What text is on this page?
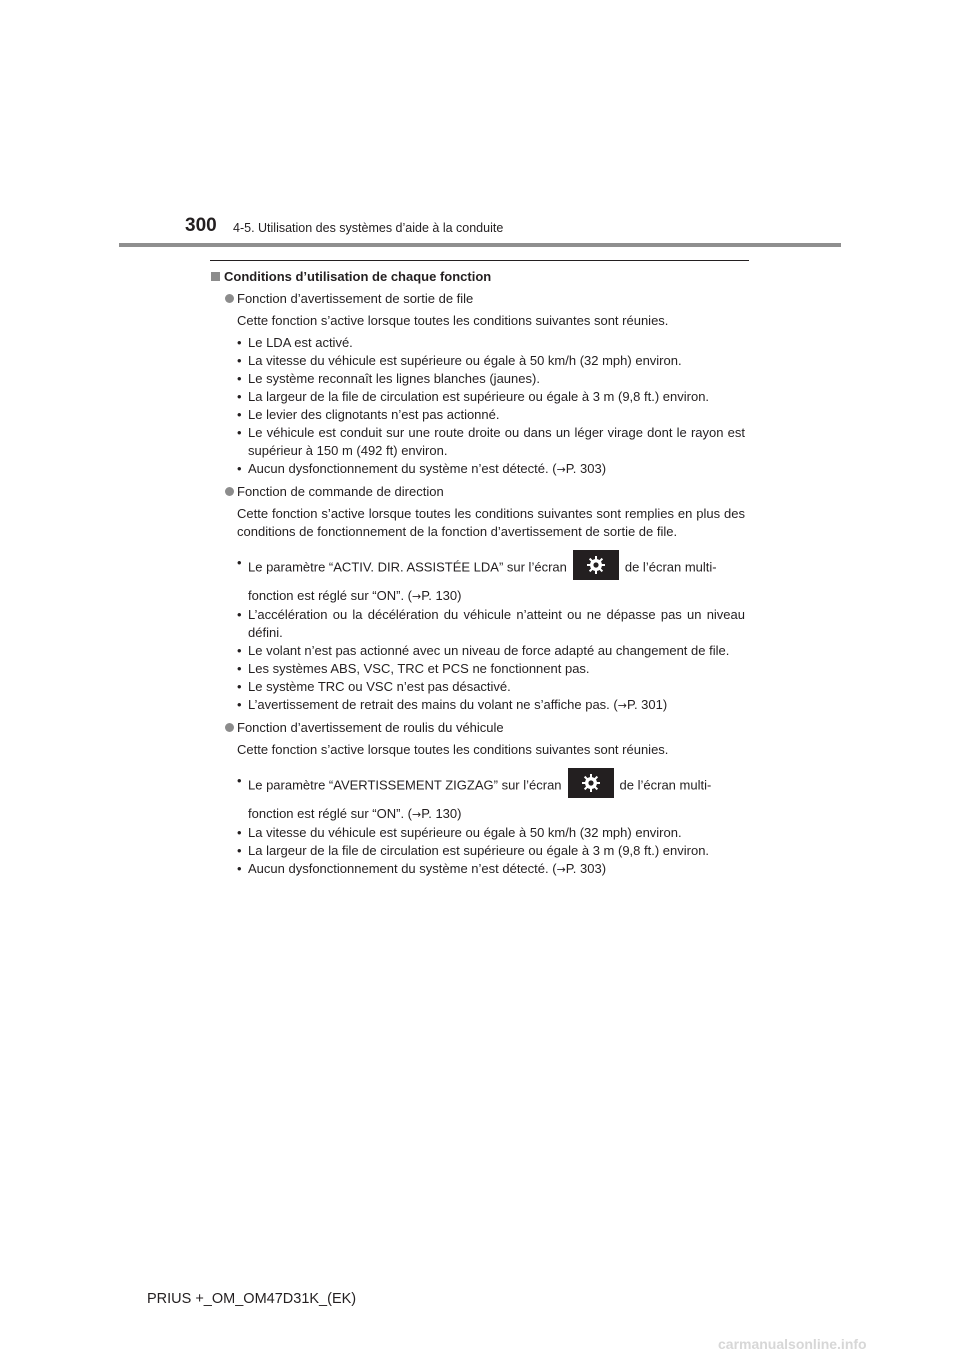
300 4-5. Utilisation des systèmes d’aide à la conduite
Conditions d’utilisation de chaque fonction
Fonction d’avertissement de sortie de file
Cette fonction s’active lorsque toutes les conditions suivantes sont réunies.
• Le LDA est activé.
• La vitesse du véhicule est supérieure ou égale à 50 km/h (32 mph) environ.
• Le système reconnaît les lignes blanches (jaunes).
• La largeur de la file de circulation est supérieure ou égale à 3 m (9,8 ft.) environ.
• Le levier des clignotants n’est pas actionné.
• Le véhicule est conduit sur une route droite ou dans un léger virage dont le rayon est supérieur à 150 m (492 ft) environ.
• Aucun dysfonctionnement du système n’est détecté. (→P. 303)
Fonction de commande de direction
Cette fonction s’active lorsque toutes les conditions suivantes sont remplies en plus des conditions de fonctionnement de la fonction d’avertissement de sortie de file.
• Le paramètre “ACTIV. DIR. ASSISTÉE LDA” sur l’écran	de l’écran multi-
fonction est réglé sur “ON”. (→P. 130)
• L’accélération ou la décélération du véhicule n’atteint ou ne dépasse pas un niveau défini.
• Le volant n’est pas actionné avec un niveau de force adapté au changement de file.
• Les systèmes ABS, VSC, TRC et PCS ne fonctionnent pas.
• Le système TRC ou VSC n’est pas désactivé.
• L’avertissement de retrait des mains du volant ne s’affiche pas. (→P. 301)
Fonction d’avertissement de roulis du véhicule
Cette fonction s’active lorsque toutes les conditions suivantes sont réunies.
• Le paramètre “AVERTISSEMENT ZIGZAG” sur l’écran	de l’écran multi-
fonction est réglé sur “ON”. (→P. 130)
• La vitesse du véhicule est supérieure ou égale à 50 km/h (32 mph) environ.
• La largeur de la file de circulation est supérieure ou égale à 3 m (9,8 ft.) environ.
• Aucun dysfonctionnement du système n’est détecté. (→P. 303)
PRIUS +_OM_OM47D31K_(EK)
carmanualsonline.info
